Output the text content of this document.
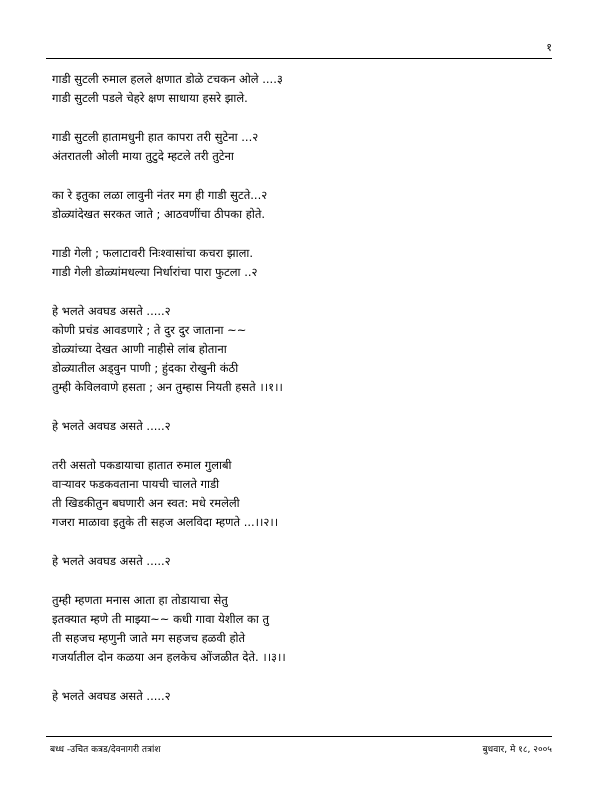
१
गाडी सुटली रुमाल हलले क्षणात डोळे टचकन ओले ....३
गाडी सुटली पडले चेहरे क्षण साधाया हसरे झाले.
गाडी सुटली हातामधुनी हात कापरा तरी सुटेना ...२
अंतरातली ओली माया तुटुदे म्हटले तरी तुटेना
का रे इतुका लळा लावुनी नंतर मग ही गाडी सुटते...२
डोळ्यांदेखत सरकत जाते ; आठवणींचा ठीपका होते.
गाडी गेली ; फलाटावरी निःश्वासांचा कचरा झाला.
गाडी गेली डोळ्यांमधल्या निर्धारांचा पारा फुटला ..२
हे भलते अवघड असते .....२
कोणी प्रचंड आवडणारे ; ते दुर दुर जाताना ~~
डोळ्यांच्या देखत आणी नाहीसे लांब होताना
डोळ्यातील अड्वुन पाणी ; हुंदका रोखुनी कंठी
तुम्ही केविलवाणे हसता ; अन तुम्हास नियती हसते ।।१।।
हे भलते अवघड असते .....२
तरी असतो पकडायाचा हातात रुमाल गुलाबी
वाऱ्यावर फडकवताना पायची चालते गाडी
ती खिडकीतुन बघणारी अन स्वत: मधे रमलेली
गजरा माळावा इतुके ती सहज अलविदा म्हणते ...।।२।।
हे भलते अवघड असते .....२
तुम्ही म्हणता मनास आता हा तोडायाचा सेतु
इतक्यात म्हणे ती माझ्या~~ कधी गावा येशील का तु
ती सहजच म्हणुनी जाते मग सहजच हळवी होते
गजर्यातील दोन कळया अन हलकेच ओंजळीत देते. ।।३।।
हे भलते अवघड असते .....२
बध्ध -उचित कत्रड/देवनागरी तत्रांश	बुधवार, मे १८, २००५
